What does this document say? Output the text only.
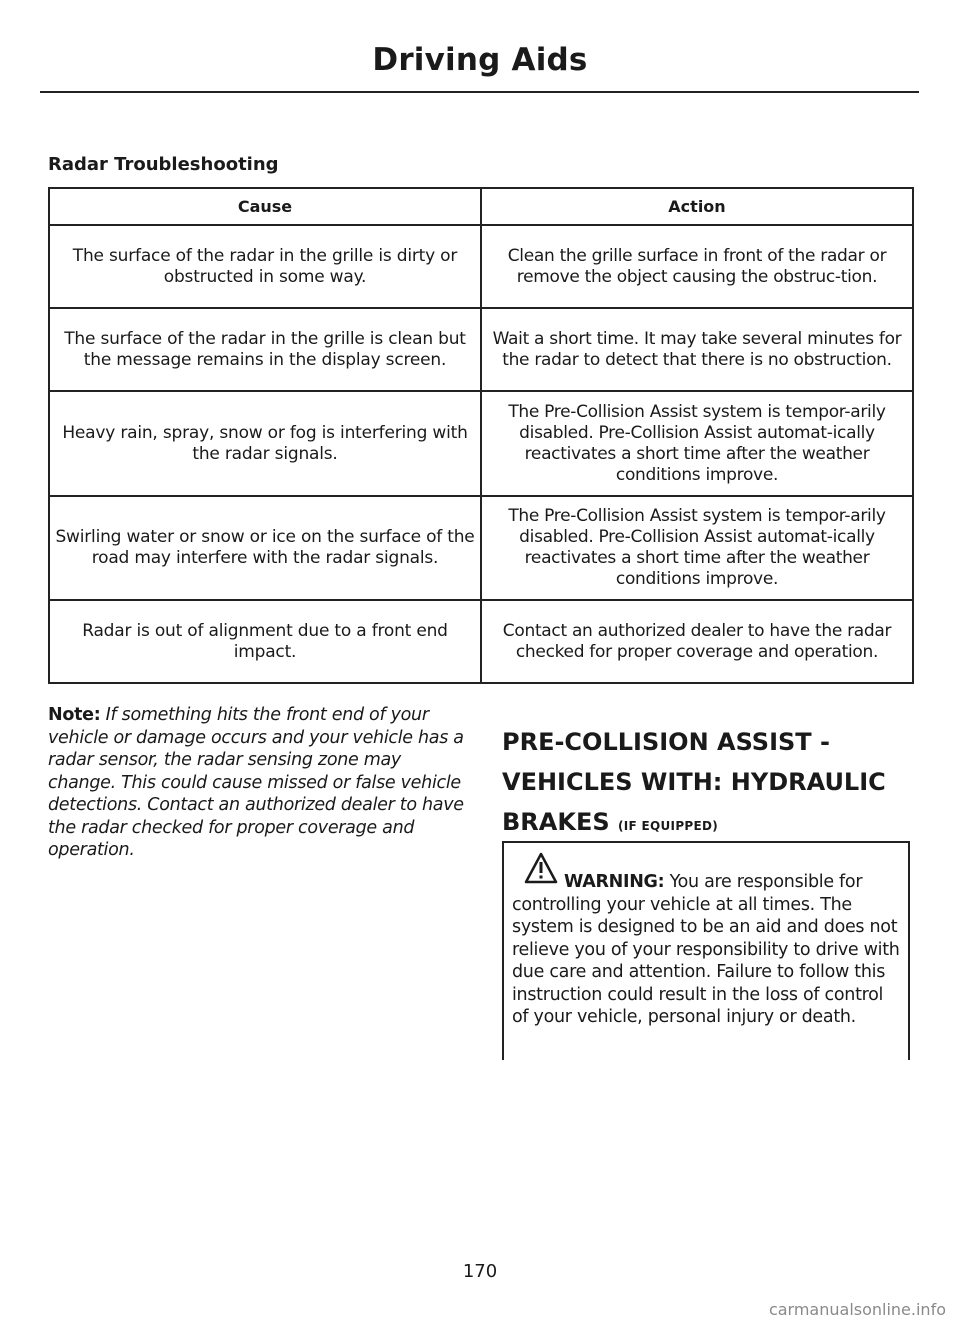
Driving Aids
Radar Troubleshooting
Cause	Action
The surface of the radar in the grille is dirty or obstructed in some way.	Clean the grille surface in front of the radar or remove the object causing the obstruc-tion.
The surface of the radar in the grille is clean but the message remains in the display screen.	Wait a short time. It may take several minutes for the radar to detect that there is no obstruction.
Heavy rain, spray, snow or fog is interfering with the radar signals.	The Pre-Collision Assist system is tempor-arily disabled. Pre-Collision Assist automat-ically reactivates a short time after the weather conditions improve.
Swirling water or snow or ice on the surface of the road may interfere with the radar signals.	The Pre-Collision Assist system is tempor-arily disabled. Pre-Collision Assist automat-ically reactivates a short time after the weather conditions improve.
Radar is out of alignment due to a front end impact.	Contact an authorized dealer to have the radar checked for proper coverage and operation.
Note: If something hits the front end of your vehicle or damage occurs and your vehicle has a radar sensor, the radar sensing zone may change. This could cause missed or false vehicle detections. Contact an authorized dealer to have the radar checked for proper coverage and operation.
PRE-COLLISION ASSIST - VEHICLES WITH: HYDRAULIC BRAKES (IF EQUIPPED)
WARNING: You are responsible for controlling your vehicle at all times. The system is designed to be an aid and does not relieve you of your responsibility to drive with due care and attention. Failure to follow this instruction could result in the loss of control of your vehicle, personal injury or death.
170
carmanualsonline.info
